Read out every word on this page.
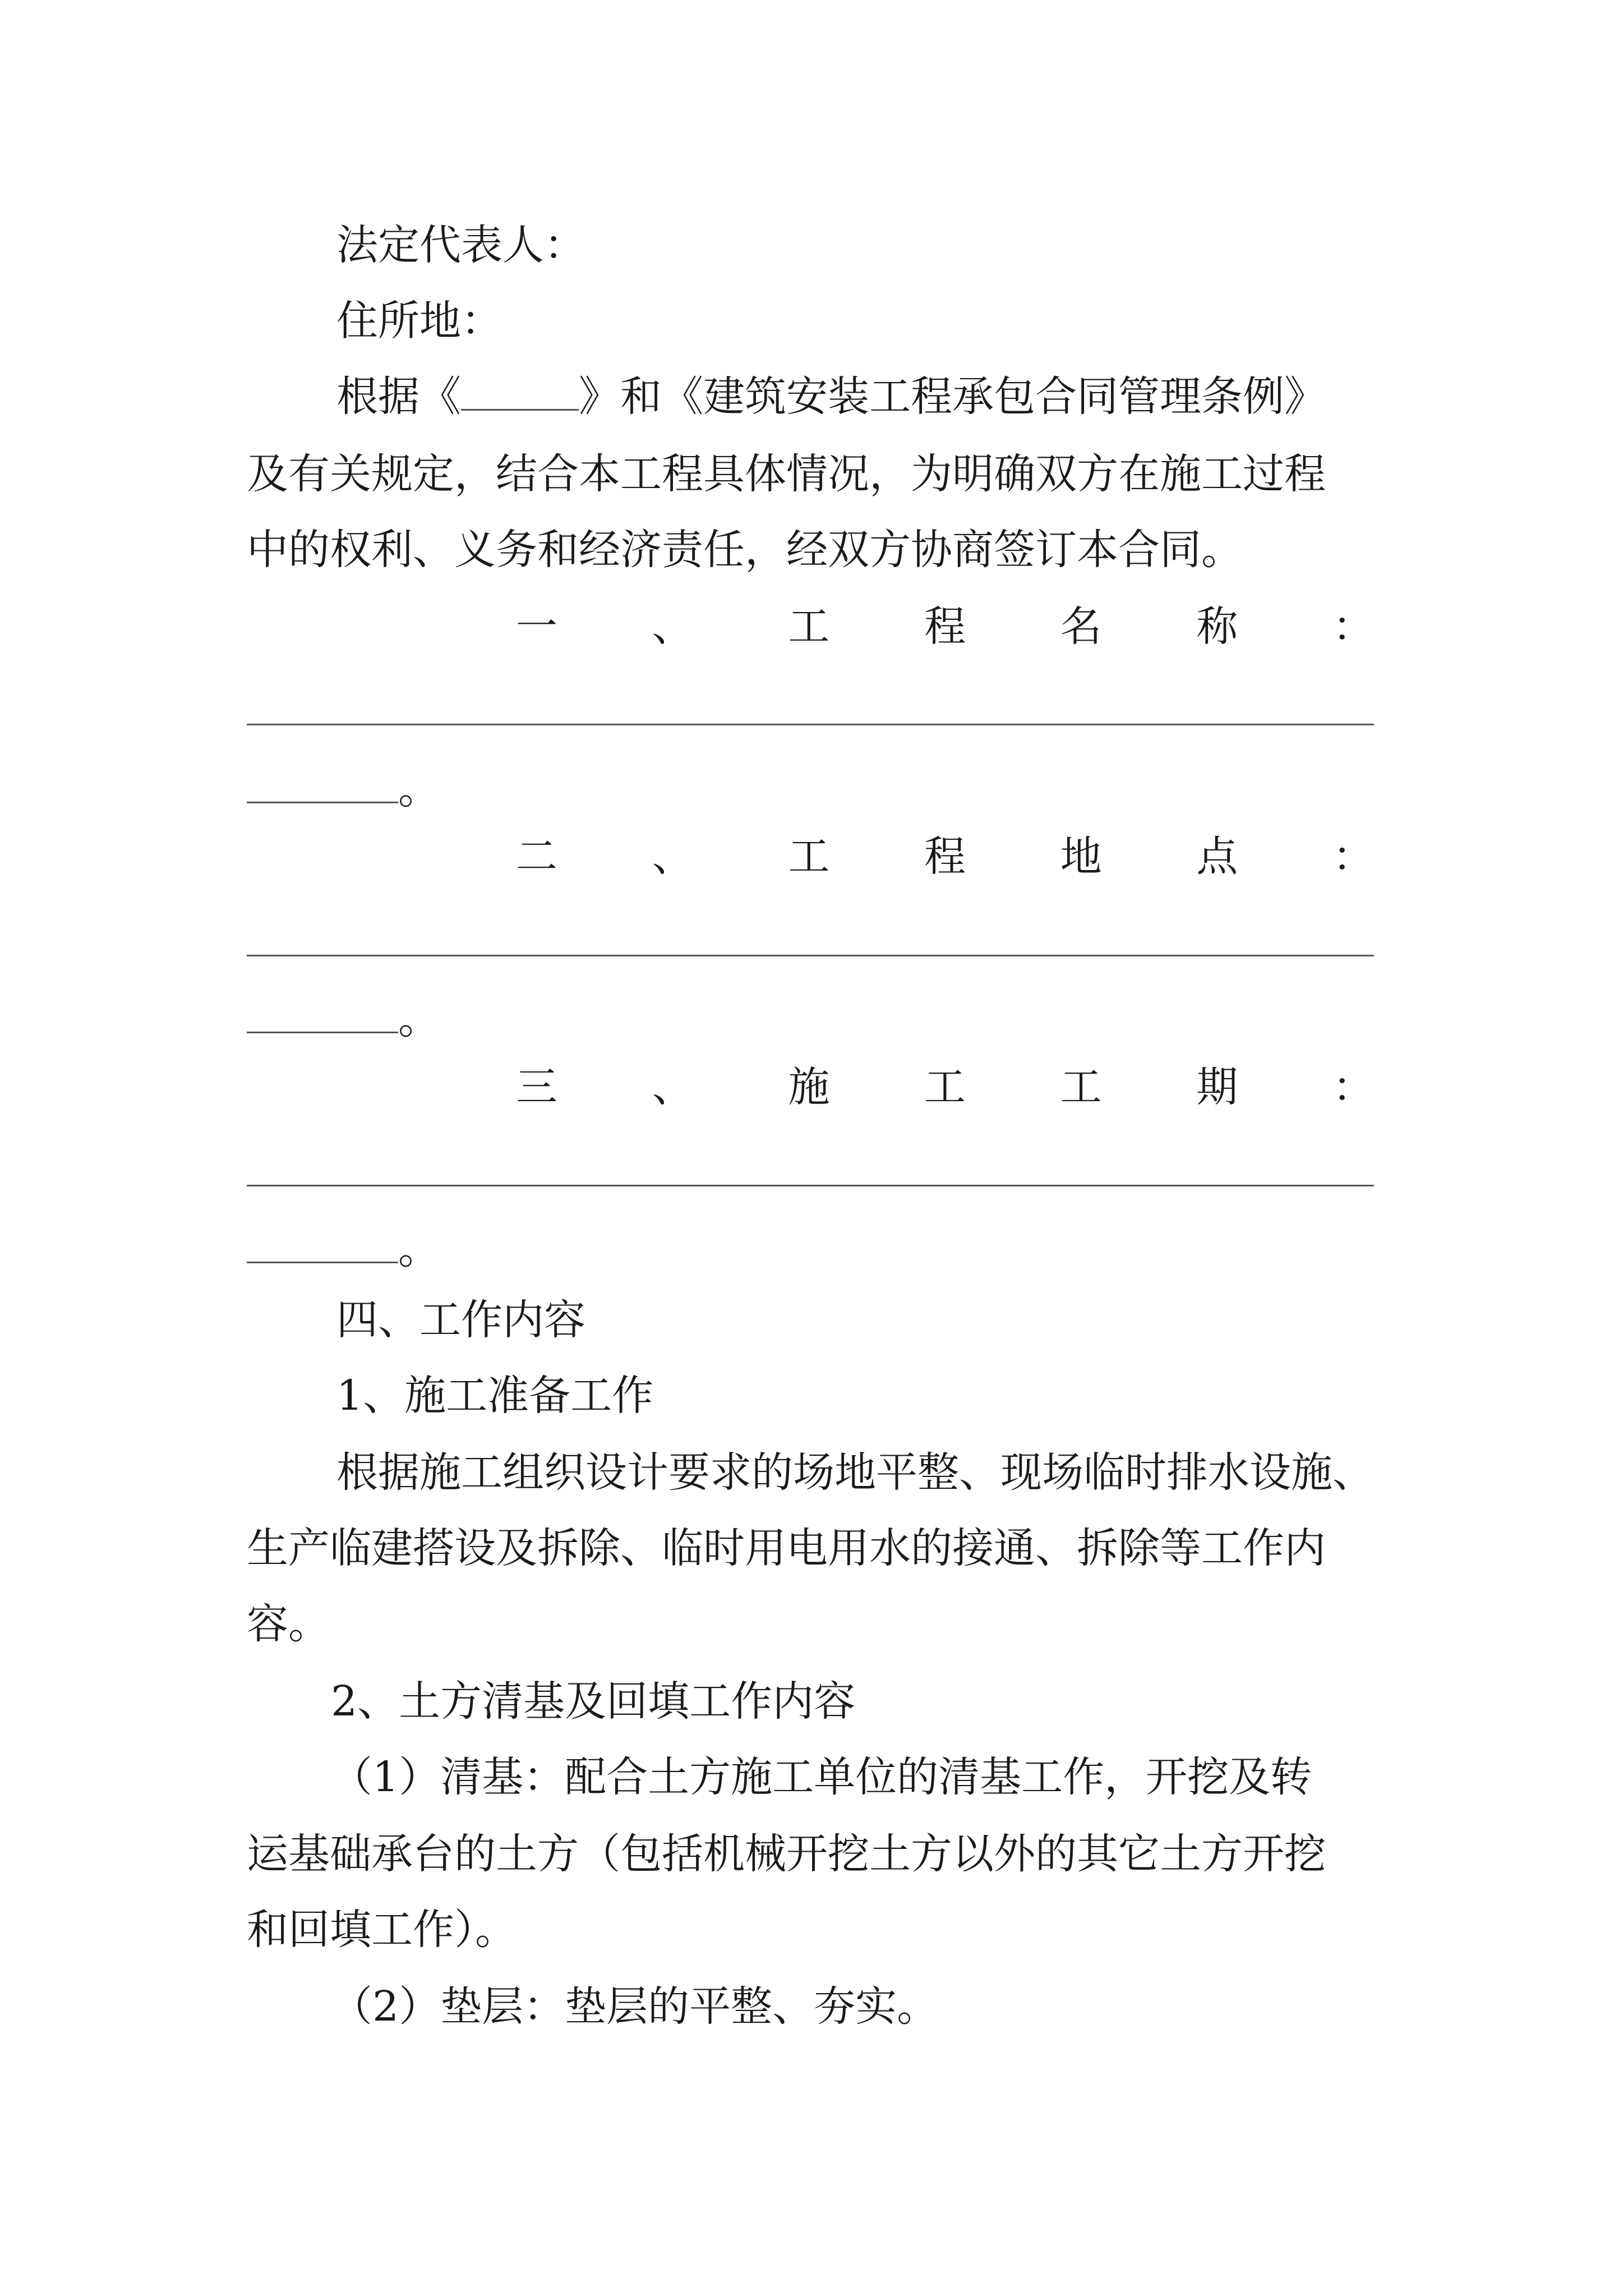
法定代表人：
住所地：
根据《	》和《建筑安装工程承包合同管理条例》
及有关规定，结合本工程具体情况，为明确双方在施工过程
中的权利、义务和经济责任，经双方协商签订本合同。
一 、 工 程 名 称 ：
。
二 、 工 程 地 点 ：
。
三 、 施 工 工 期 ：
。
四、工作内容
1、施工准备工作
根据施工组织设计要求的场地平整、现场临时排水设施、
生产临建搭设及拆除、临时用电用水的接通、拆除等工作内
容。
2、土方清基及回填工作内容
（1）清基：配合土方施工单位的清基工作，开挖及转
运基础承台的土方（包括机械开挖土方以外的其它土方开挖
和回填工作）。
（2）垫层：垫层的平整、夯实。
